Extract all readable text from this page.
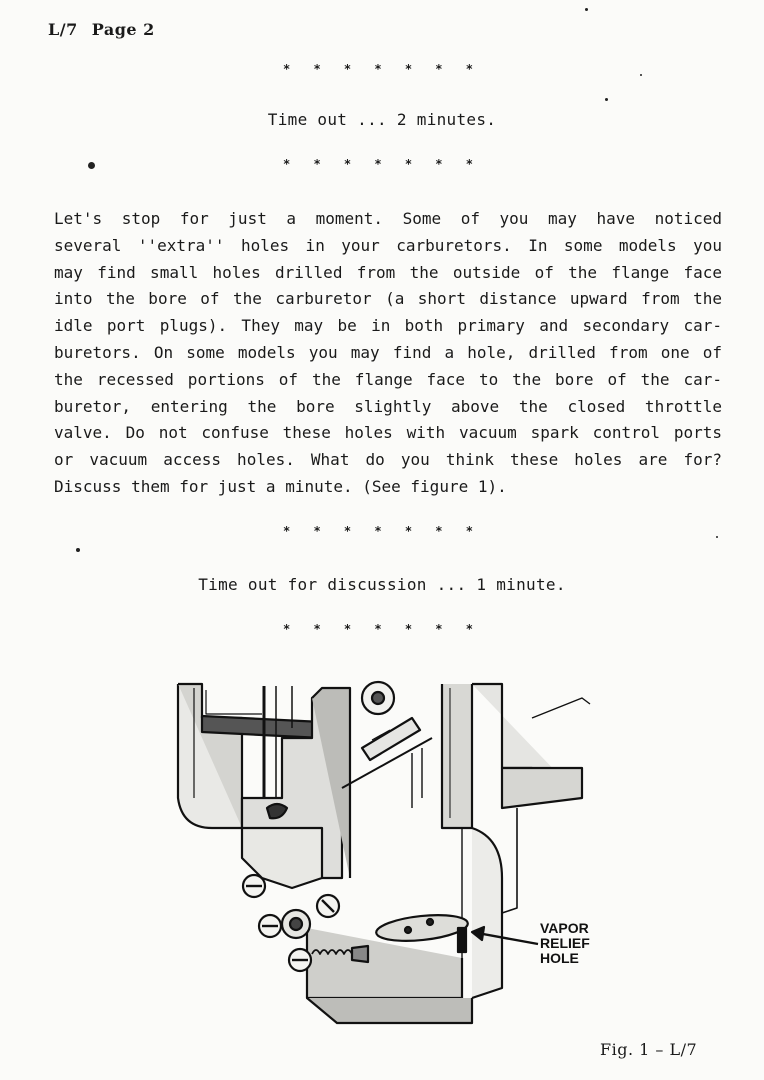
L/7 Page 2
* * * * * * *
Time out ... 2 minutes.
* * * * * * *
Let's stop for just a moment. Some of you may have noticed
several ''extra'' holes in your carburetors. In some models you
may find small holes drilled from the outside of the flange face
into the bore of the carburetor (a short distance upward from the
idle port plugs). They may be in both primary and secondary car-
buretors. On some models you may find a hole, drilled from one of
the recessed portions of the flange face to the bore of the car-
buretor, entering the bore slightly above the closed throttle
valve. Do not confuse these holes with vacuum spark control ports
or vacuum access holes. What do you think these holes are for?
Discuss them for just a minute. (See figure 1).
* * * * * * *
Time out for discussion ... 1 minute.
* * * * * * *
VAPOR
RELIEF
HOLE
Fig. 1 – L/7
